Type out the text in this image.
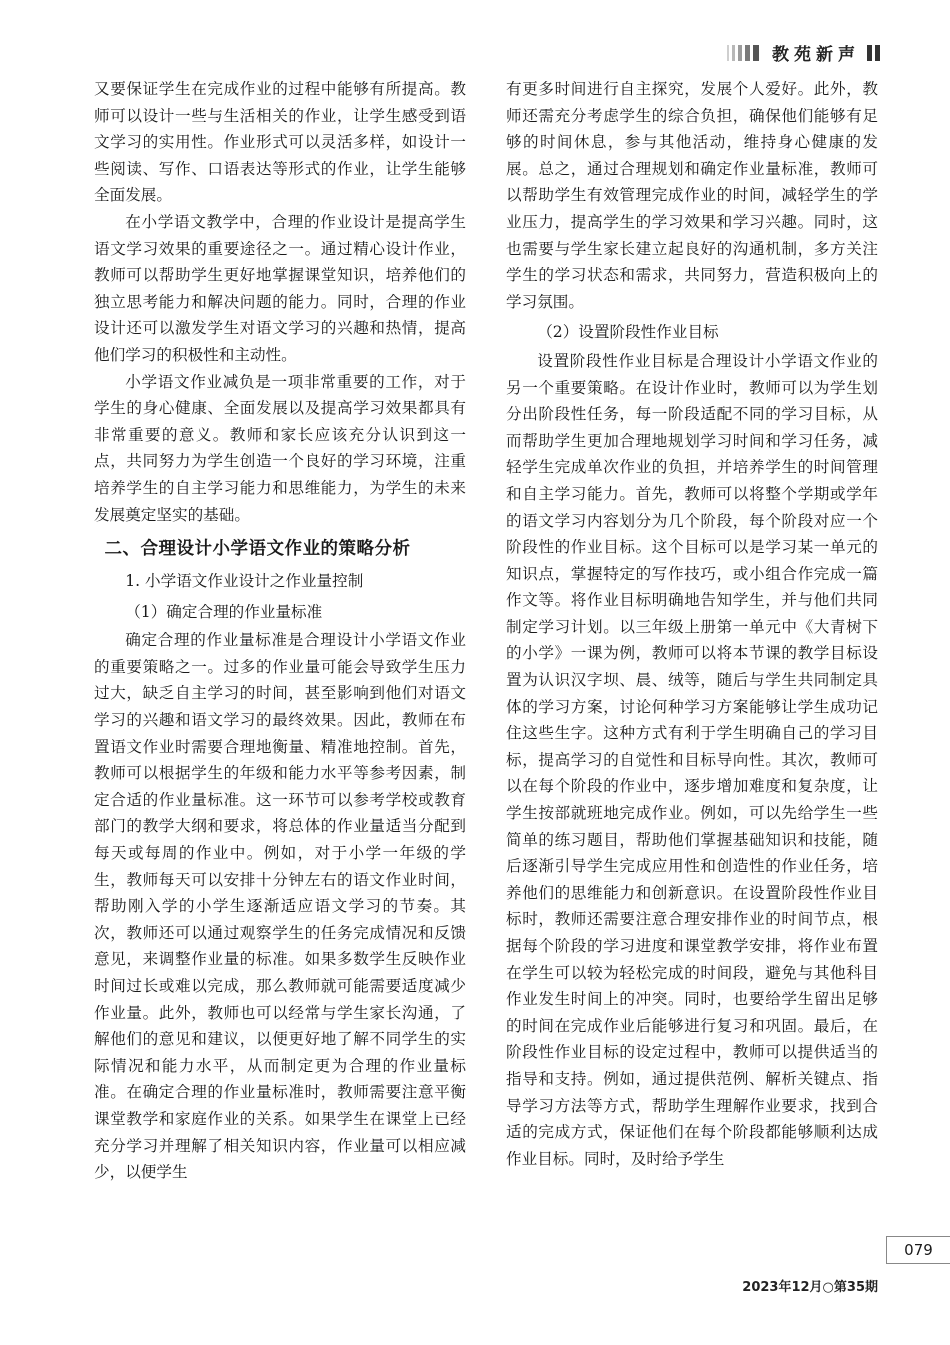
教苑新声

又要保证学生在完成作业的过程中能够有所提高。教师可以设计一些与生活相关的作业，让学生感受到语文学习的实用性。作业形式可以灵活多样，如设计一些阅读、写作、口语表达等形式的作业，让学生能够全面发展。

在小学语文教学中，合理的作业设计是提高学生语文学习效果的重要途径之一。通过精心设计作业，教师可以帮助学生更好地掌握课堂知识，培养他们的独立思考能力和解决问题的能力。同时，合理的作业设计还可以激发学生对语文学习的兴趣和热情，提高他们学习的积极性和主动性。

小学语文作业减负是一项非常重要的工作，对于学生的身心健康、全面发展以及提高学习效果都具有非常重要的意义。教师和家长应该充分认识到这一点，共同努力为学生创造一个良好的学习环境，注重培养学生的自主学习能力和思维能力，为学生的未来发展奠定坚实的基础。

二、合理设计小学语文作业的策略分析

1. 小学语文作业设计之作业量控制

（1）确定合理的作业量标准

确定合理的作业量标准是合理设计小学语文作业的重要策略之一。过多的作业量可能会导致学生压力过大，缺乏自主学习的时间，甚至影响到他们对语文学习的兴趣和语文学习的最终效果。因此，教师在布置语文作业时需要合理地衡量、精准地控制。首先，教师可以根据学生的年级和能力水平等参考因素，制定合适的作业量标准。这一环节可以参考学校或教育部门的教学大纲和要求，将总体的作业量适当分配到每天或每周的作业中。例如，对于小学一年级的学生，教师每天可以安排十分钟左右的语文作业时间，帮助刚入学的小学生逐渐适应语文学习的节奏。其次，教师还可以通过观察学生的任务完成情况和反馈意见，来调整作业量的标准。如果多数学生反映作业时间过长或难以完成，那么教师就可能需要适度减少作业量。此外，教师也可以经常与学生家长沟通，了解他们的意见和建议，以便更好地了解不同学生的实际情况和能力水平，从而制定更为合理的作业量标准。在确定合理的作业量标准时，教师需要注意平衡课堂教学和家庭作业的关系。如果学生在课堂上已经充分学习并理解了相关知识内容，作业量可以相应减少，以便学生

有更多时间进行自主探究，发展个人爱好。此外，教师还需充分考虑学生的综合负担，确保他们能够有足够的时间休息，参与其他活动，维持身心健康的发展。总之，通过合理规划和确定作业量标准，教师可以帮助学生有效管理完成作业的时间，减轻学生的学业压力，提高学生的学习效果和学习兴趣。同时，这也需要与学生家长建立起良好的沟通机制，多方关注学生的学习状态和需求，共同努力，营造积极向上的学习氛围。

（2）设置阶段性作业目标

设置阶段性作业目标是合理设计小学语文作业的另一个重要策略。在设计作业时，教师可以为学生划分出阶段性任务，每一阶段适配不同的学习目标，从而帮助学生更加合理地规划学习时间和学习任务，减轻学生完成单次作业的负担，并培养学生的时间管理和自主学习能力。首先，教师可以将整个学期或学年的语文学习内容划分为几个阶段，每个阶段对应一个阶段性的作业目标。这个目标可以是学习某一单元的知识点，掌握特定的写作技巧，或小组合作完成一篇作文等。将作业目标明确地告知学生，并与他们共同制定学习计划。以三年级上册第一单元中《大青树下的小学》一课为例，教师可以将本节课的教学目标设置为认识汉字坝、晨、绒等，随后与学生共同制定具体的学习方案，讨论何种学习方案能够让学生成功记住这些生字。这种方式有利于学生明确自己的学习目标，提高学习的自觉性和目标导向性。其次，教师可以在每个阶段的作业中，逐步增加难度和复杂度，让学生按部就班地完成作业。例如，可以先给学生一些简单的练习题目，帮助他们掌握基础知识和技能，随后逐渐引导学生完成应用性和创造性的作业任务，培养他们的思维能力和创新意识。在设置阶段性作业目标时，教师还需要注意合理安排作业的时间节点，根据每个阶段的学习进度和课堂教学安排，将作业布置在学生可以较为轻松完成的时间段，避免与其他科目作业发生时间上的冲突。同时，也要给学生留出足够的时间在完成作业后能够进行复习和巩固。最后，在阶段性作业目标的设定过程中，教师可以提供适当的指导和支持。例如，通过提供范例、解析关键点、指导学习方法等方式，帮助学生理解作业要求，找到合适的完成方式，保证他们在每个阶段都能够顺利达成作业目标。同时，及时给予学生

079
2023年12月○第35期
